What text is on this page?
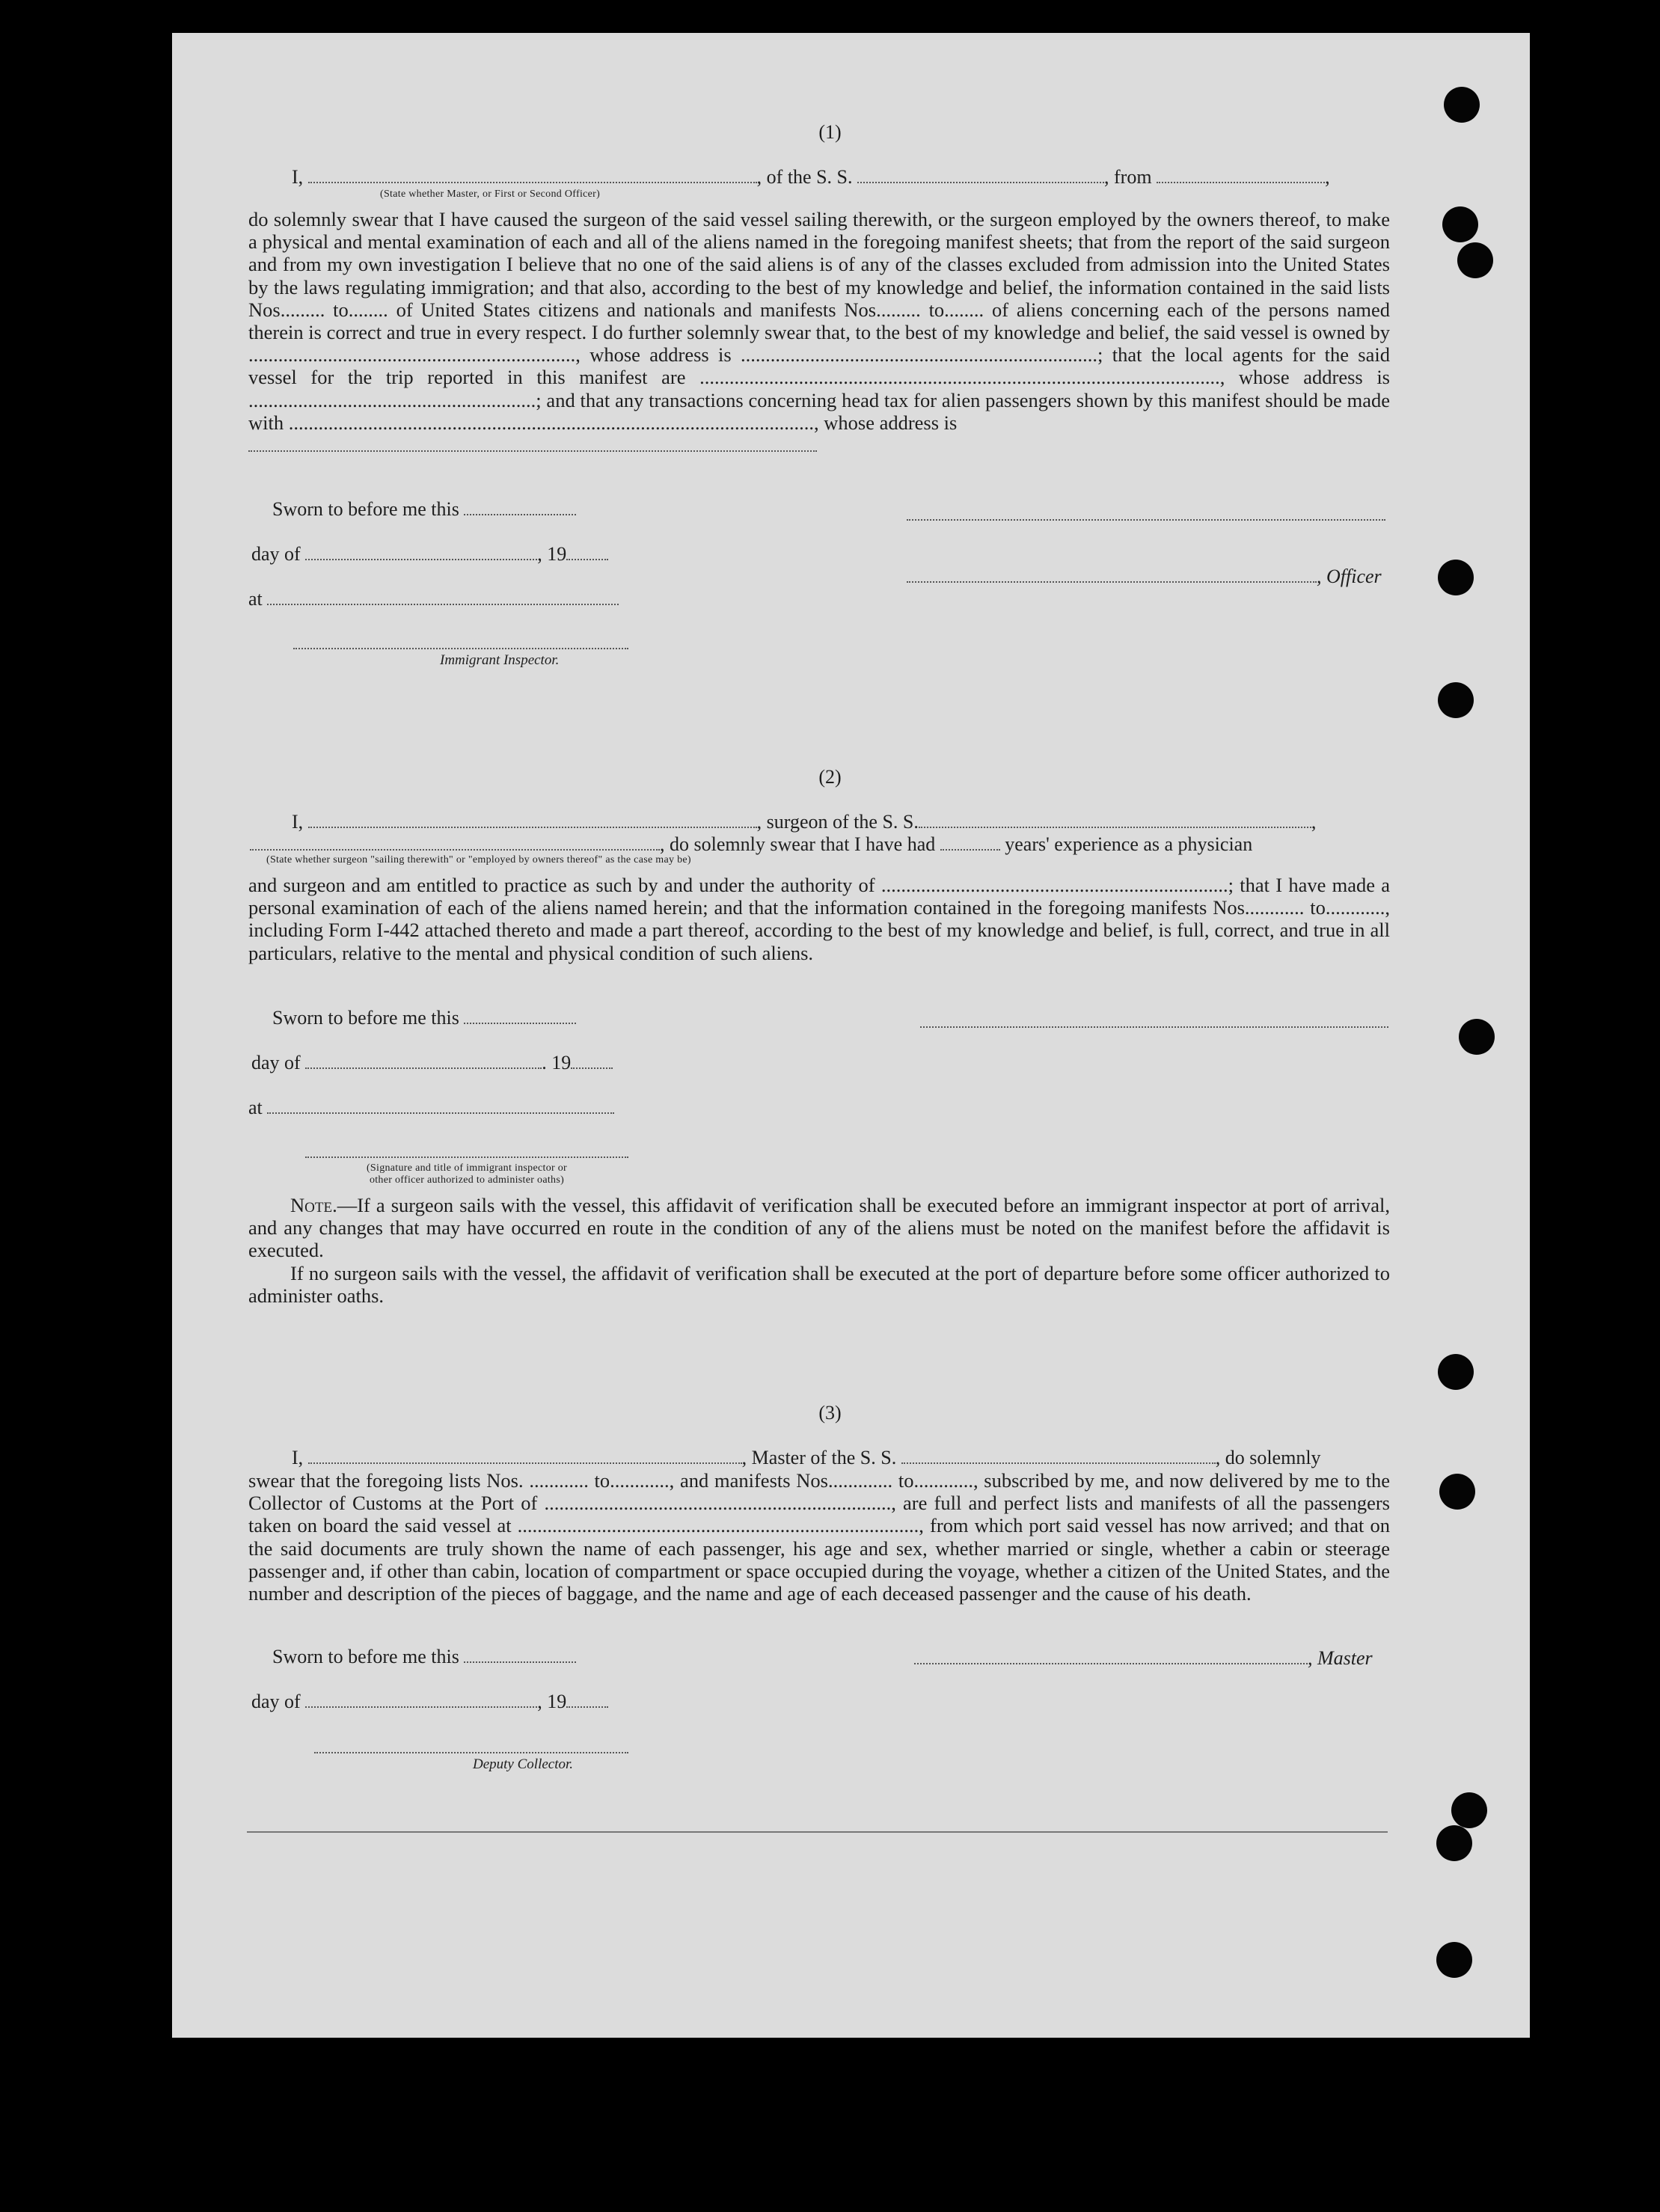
(1)
I,	, of the S. S.	, from	,
(State whether Master, or First or Second Officer)

do solemnly swear that I have caused the surgeon of the said vessel sailing therewith, or the surgeon employed by the owners thereof, to make a physical and mental examination of each and all of the aliens named in the foregoing manifest sheets; that from the report of the said surgeon and from my own investigation I believe that no one of the said aliens is of any of the classes excluded from admission into the United States by the laws regulating immigration; and that also, according to the best of my knowledge and belief, the information contained in the said lists Nos......... to........ of United States citizens and nationals and manifests Nos......... to........ of aliens concerning each of the persons named therein is correct and true in every respect. I do further solemnly swear that, to the best of my knowledge and belief, the said vessel is owned by .................................................................., whose address is ........................................................................; that the local agents for the said vessel for the trip reported in this manifest are ........................................................................................................., whose address is ..........................................................; and that any transactions concerning head tax for alien passengers shown by this manifest should be made with .........................................................................................................., whose address is

Sworn to before me this
day of	, 19
, Officer
at
Immigrant Inspector.
(2)
I,	, surgeon of the S. S.	,
, do solemnly swear that I have had	years' experience as a physician
(State whether surgeon "sailing therewith" or "employed by owners thereof" as the case may be)

and surgeon and am entitled to practice as such by and under the authority of ......................................................................; that I have made a personal examination of each of the aliens named herein; and that the information contained in the foregoing manifests Nos............ to............, including Form I-442 attached thereto and made a part thereof, according to the best of my knowledge and belief, is full, correct, and true in all particulars, relative to the mental and physical condition of such aliens.

Sworn to before me this
day of	. 19
at
(Signature and title of immigrant inspector or
other officer authorized to administer oaths)

Note.—If a surgeon sails with the vessel, this affidavit of verification shall be executed before an immigrant inspector at port of arrival, and any changes that may have occurred en route in the condition of any of the aliens must be noted on the manifest before the affidavit is executed.

If no surgeon sails with the vessel, the affidavit of verification shall be executed at the port of departure before some officer authorized to administer oaths.

(3)
I,	, Master of the S. S.	, do solemnly

swear that the foregoing lists Nos. ............ to............, and manifests Nos............. to............, subscribed by me, and now delivered by me to the Collector of Customs at the Port of ......................................................................, are full and perfect lists and manifests of all the passengers taken on board the said vessel at ................................................................................., from which port said vessel has now arrived; and that on the said documents are truly shown the name of each passenger, his age and sex, whether married or single, whether a cabin or steerage passenger and, if other than cabin, location of compartment or space occupied during the voyage, whether a citizen of the United States, and the number and description of the pieces of baggage, and the name and age of each deceased passenger and the cause of his death.

Sworn to before me this	, Master
day of	, 19
Deputy Collector.
